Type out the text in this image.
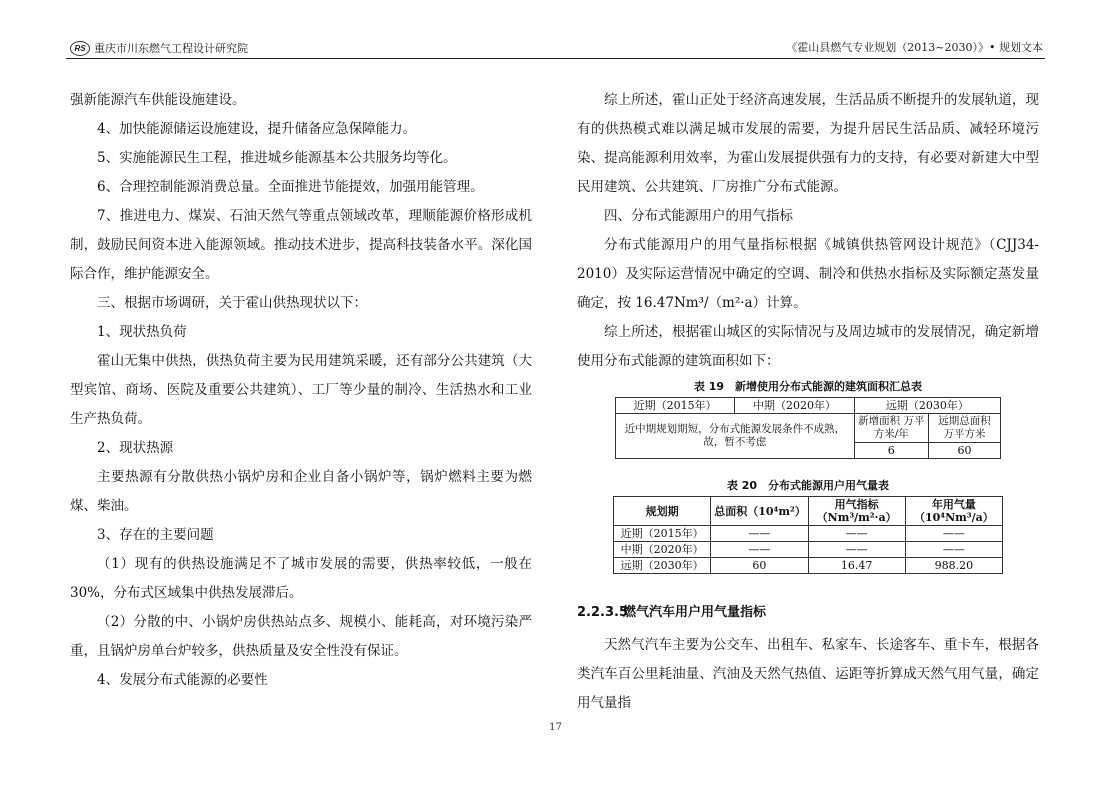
RS 重庆市川东燃气工程设计研究院	《霍山县燃气专业规划（2013~2030）》• 规划文本

强新能源汽车供能设施建设。

4、加快能源储运设施建设，提升储备应急保障能力。

5、实施能源民生工程，推进城乡能源基本公共服务均等化。

6、合理控制能源消费总量。全面推进节能提效，加强用能管理。

7、推进电力、煤炭、石油天然气等重点领域改革，理顺能源价格形成机制，鼓励民间资本进入能源领域。推动技术进步，提高科技装备水平。深化国际合作，维护能源安全。

三、根据市场调研，关于霍山供热现状以下：

1、现状热负荷

霍山无集中供热，供热负荷主要为民用建筑采暖，还有部分公共建筑（大型宾馆、商场、医院及重要公共建筑）、工厂等少量的制冷、生活热水和工业生产热负荷。

2、现状热源

主要热源有分散供热小锅炉房和企业自备小锅炉等，锅炉燃料主要为燃煤、柴油。

3、存在的主要问题

（1）现有的供热设施满足不了城市发展的需要，供热率较低，一般在 30%，分布式区域集中供热发展滞后。

（2）分散的中、小锅炉房供热站点多、规模小、能耗高，对环境污染严重，且锅炉房单台炉较多，供热质量及安全性没有保证。

4、发展分布式能源的必要性

综上所述，霍山正处于经济高速发展，生活品质不断提升的发展轨道，现有的供热模式难以满足城市发展的需要，为提升居民生活品质、减轻环境污染、提高能源利用效率，为霍山发展提供强有力的支持，有必要对新建大中型民用建筑、公共建筑、厂房推广分布式能源。

四、分布式能源用户的用气指标

分布式能源用户的用气量指标根据《城镇供热管网设计规范》（CJJ34-2010）及实际运营情况中确定的空调、制冷和供热水指标及实际额定蒸发量确定，按 16.47Nm³/（m²·a）计算。

综上所述，根据霍山城区的实际情况与及周边城市的发展情况，确定新增使用分布式能源的建筑面积如下：

表 19　新增使用分布式能源的建筑面积汇总表

近期（2015年）	中期（2020年）	远期（2030年）	
近中期规划期短，分布式能源发展条件不成熟，故，暂不考虑		新增面积 万平方米/年	远期总面积 万平方米
		6	60

表 20　分布式能源用户用气量表

规划期	总面积（10⁴m²）	用气指标（Nm³/m²·a）	年用气量（10⁴Nm³/a）
近期（2015年）	——	——	——
中期（2020年）	——	——	——
远期（2030年）	60	16.47	988.20

2.2.3.5燃气汽车用户用气量指标

天然气汽车主要为公交车、出租车、私家车、长途客车、重卡车，根据各类汽车百公里耗油量、汽油及天然气热值、运距等折算成天然气用气量，确定用气量指

17
